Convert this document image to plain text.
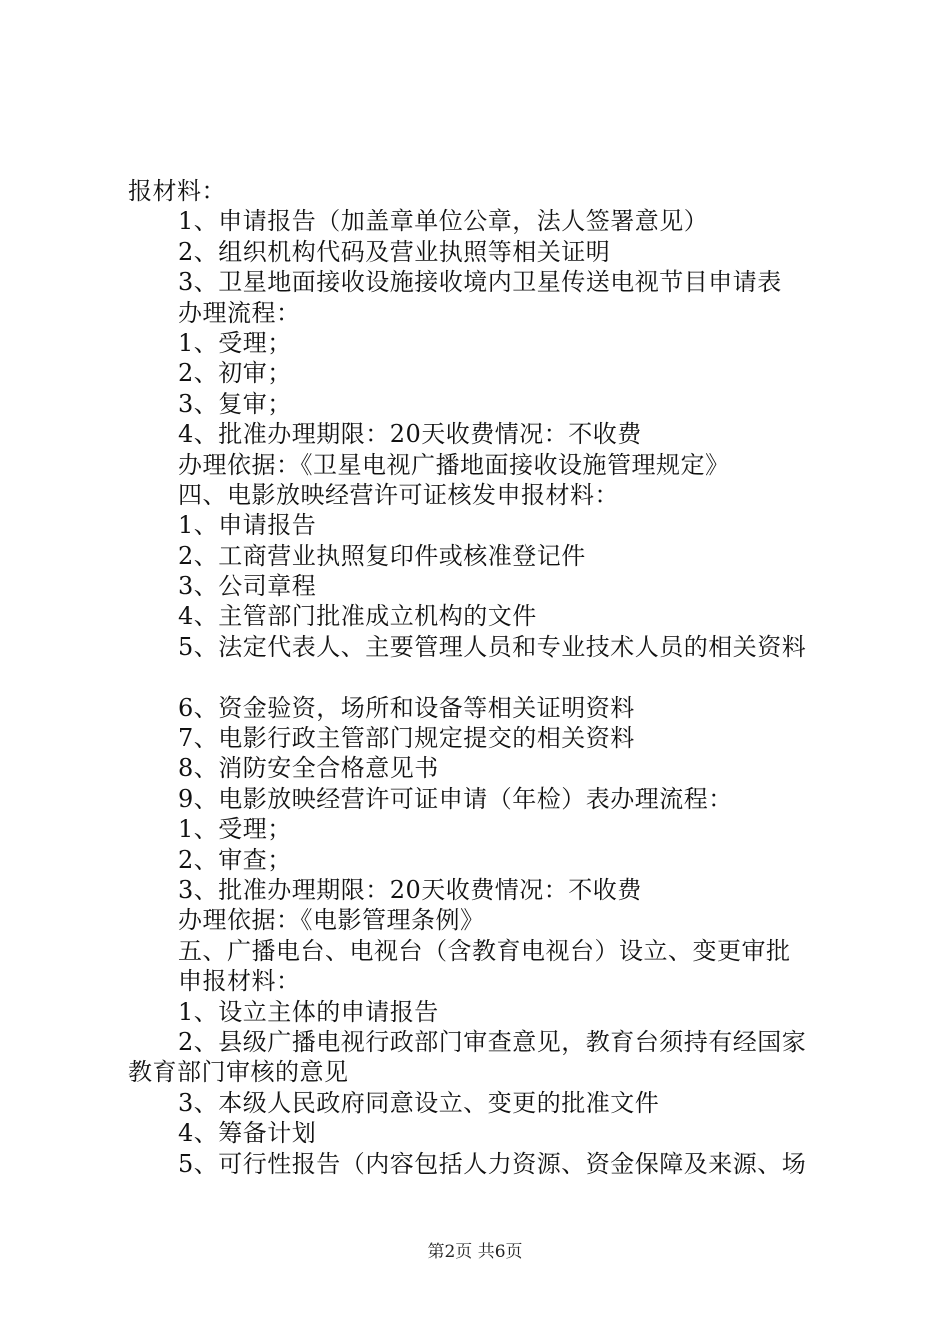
报材料：
1、申请报告（加盖章单位公章，法人签署意见）
2、组织机构代码及营业执照等相关证明
3、卫星地面接收设施接收境内卫星传送电视节目申请表
办理流程：
1、受理；
2、初审；
3、复审；
4、批准办理期限：20天收费情况：不收费
办理依据：《卫星电视广播地面接收设施管理规定》
四、电影放映经营许可证核发申报材料：
1、申请报告
2、工商营业执照复印件或核准登记件
3、公司章程
4、主管部门批准成立机构的文件
5、法定代表人、主要管理人员和专业技术人员的相关资料
6、资金验资，场所和设备等相关证明资料
7、电影行政主管部门规定提交的相关资料
8、消防安全合格意见书
9、电影放映经营许可证申请（年检）表办理流程：
1、受理；
2、审查；
3、批准办理期限：20天收费情况：不收费
办理依据：《电影管理条例》
五、广播电台、电视台（含教育电视台）设立、变更审批
申报材料：
1、设立主体的申请报告
2、县级广播电视行政部门审查意见，教育台须持有经国家
教育部门审核的意见
3、本级人民政府同意设立、变更的批准文件
4、筹备计划
5、可行性报告（内容包括人力资源、资金保障及来源、场
第2页 共6页
